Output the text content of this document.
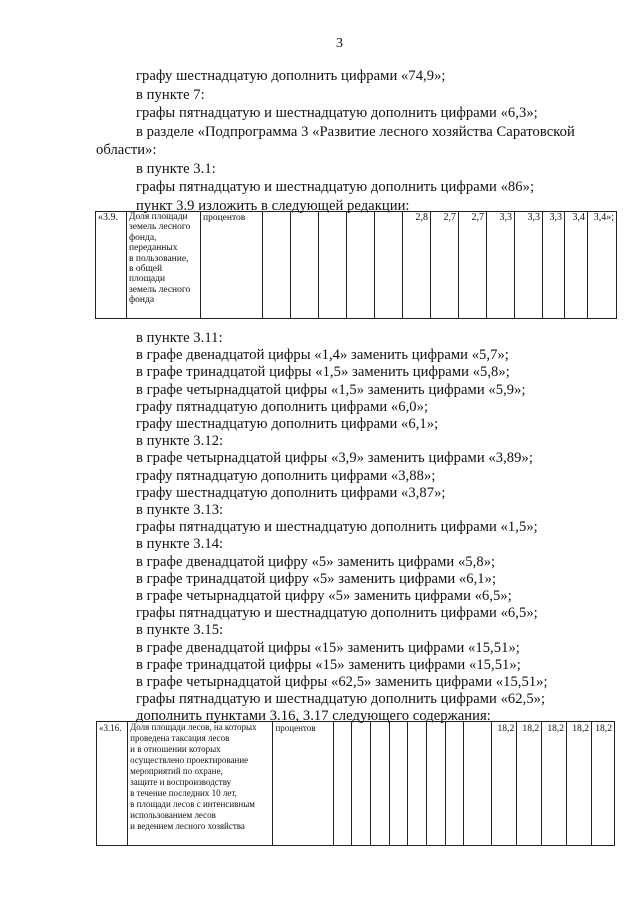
3
графу шестнадцатую дополнить цифрами «74,9»;
в пункте 7:
графы пятнадцатую и шестнадцатую дополнить цифрами «6,3»;
в разделе «Подпрограмма 3 «Развитие лесного хозяйства Саратовской
области»:
в пункте 3.1:
графы пятнадцатую и шестнадцатую дополнить цифрами «86»;
пункт 3.9 изложить в следующей редакции:
«3.9.	Доля площади
земель лесного
фонда,
переданных
в пользование,
в общей
площади
земель лесного
фонда
	процентов						2,8	2,7	2,7	3,3	3,3	3,3	3,4	3,4»;
в пункте 3.11:
в графе двенадцатой цифры «1,4» заменить цифрами «5,7»;
в графе тринадцатой цифры «1,5» заменить цифрами «5,8»;
в графе четырнадцатой цифры «1,5» заменить цифрами «5,9»;
графу пятнадцатую дополнить цифрами «6,0»;
графу шестнадцатую дополнить цифрами «6,1»;
в пункте 3.12:
в графе четырнадцатой цифры «3,9» заменить цифрами «3,89»;
графу пятнадцатую дополнить цифрами «3,88»;
графу шестнадцатую дополнить цифрами «3,87»;
в пункте 3.13:
графы пятнадцатую и шестнадцатую дополнить цифрами «1,5»;
в пункте 3.14:
в графе двенадцатой цифру «5» заменить цифрами «5,8»;
в графе тринадцатой цифру «5» заменить цифрами «6,1»;
в графе четырнадцатой цифру «5» заменить цифрами «6,5»;
графы пятнадцатую и шестнадцатую дополнить цифрами «6,5»;
в пункте 3.15:
в графе двенадцатой цифры «15» заменить цифрами «15,51»;
в графе тринадцатой цифры «15» заменить цифрами «15,51»;
в графе четырнадцатой цифры «62,5» заменить цифрами «15,51»;
графы пятнадцатую и шестнадцатую дополнить цифрами «62,5»;
дополнить пунктами 3.16, 3.17 следующего содержания:
«3.16.	Доля площади лесов, на которых
проведена таксация лесов
и в отношении которых
осуществлено проектирование
мероприятий по охране,
защите и воспроизводству
в течение последних 10 лет,
в площади лесов с интенсивным
использованием лесов
и ведением лесного хозяйства
	процентов									18,2	18,2	18,2	18,2	18,2
